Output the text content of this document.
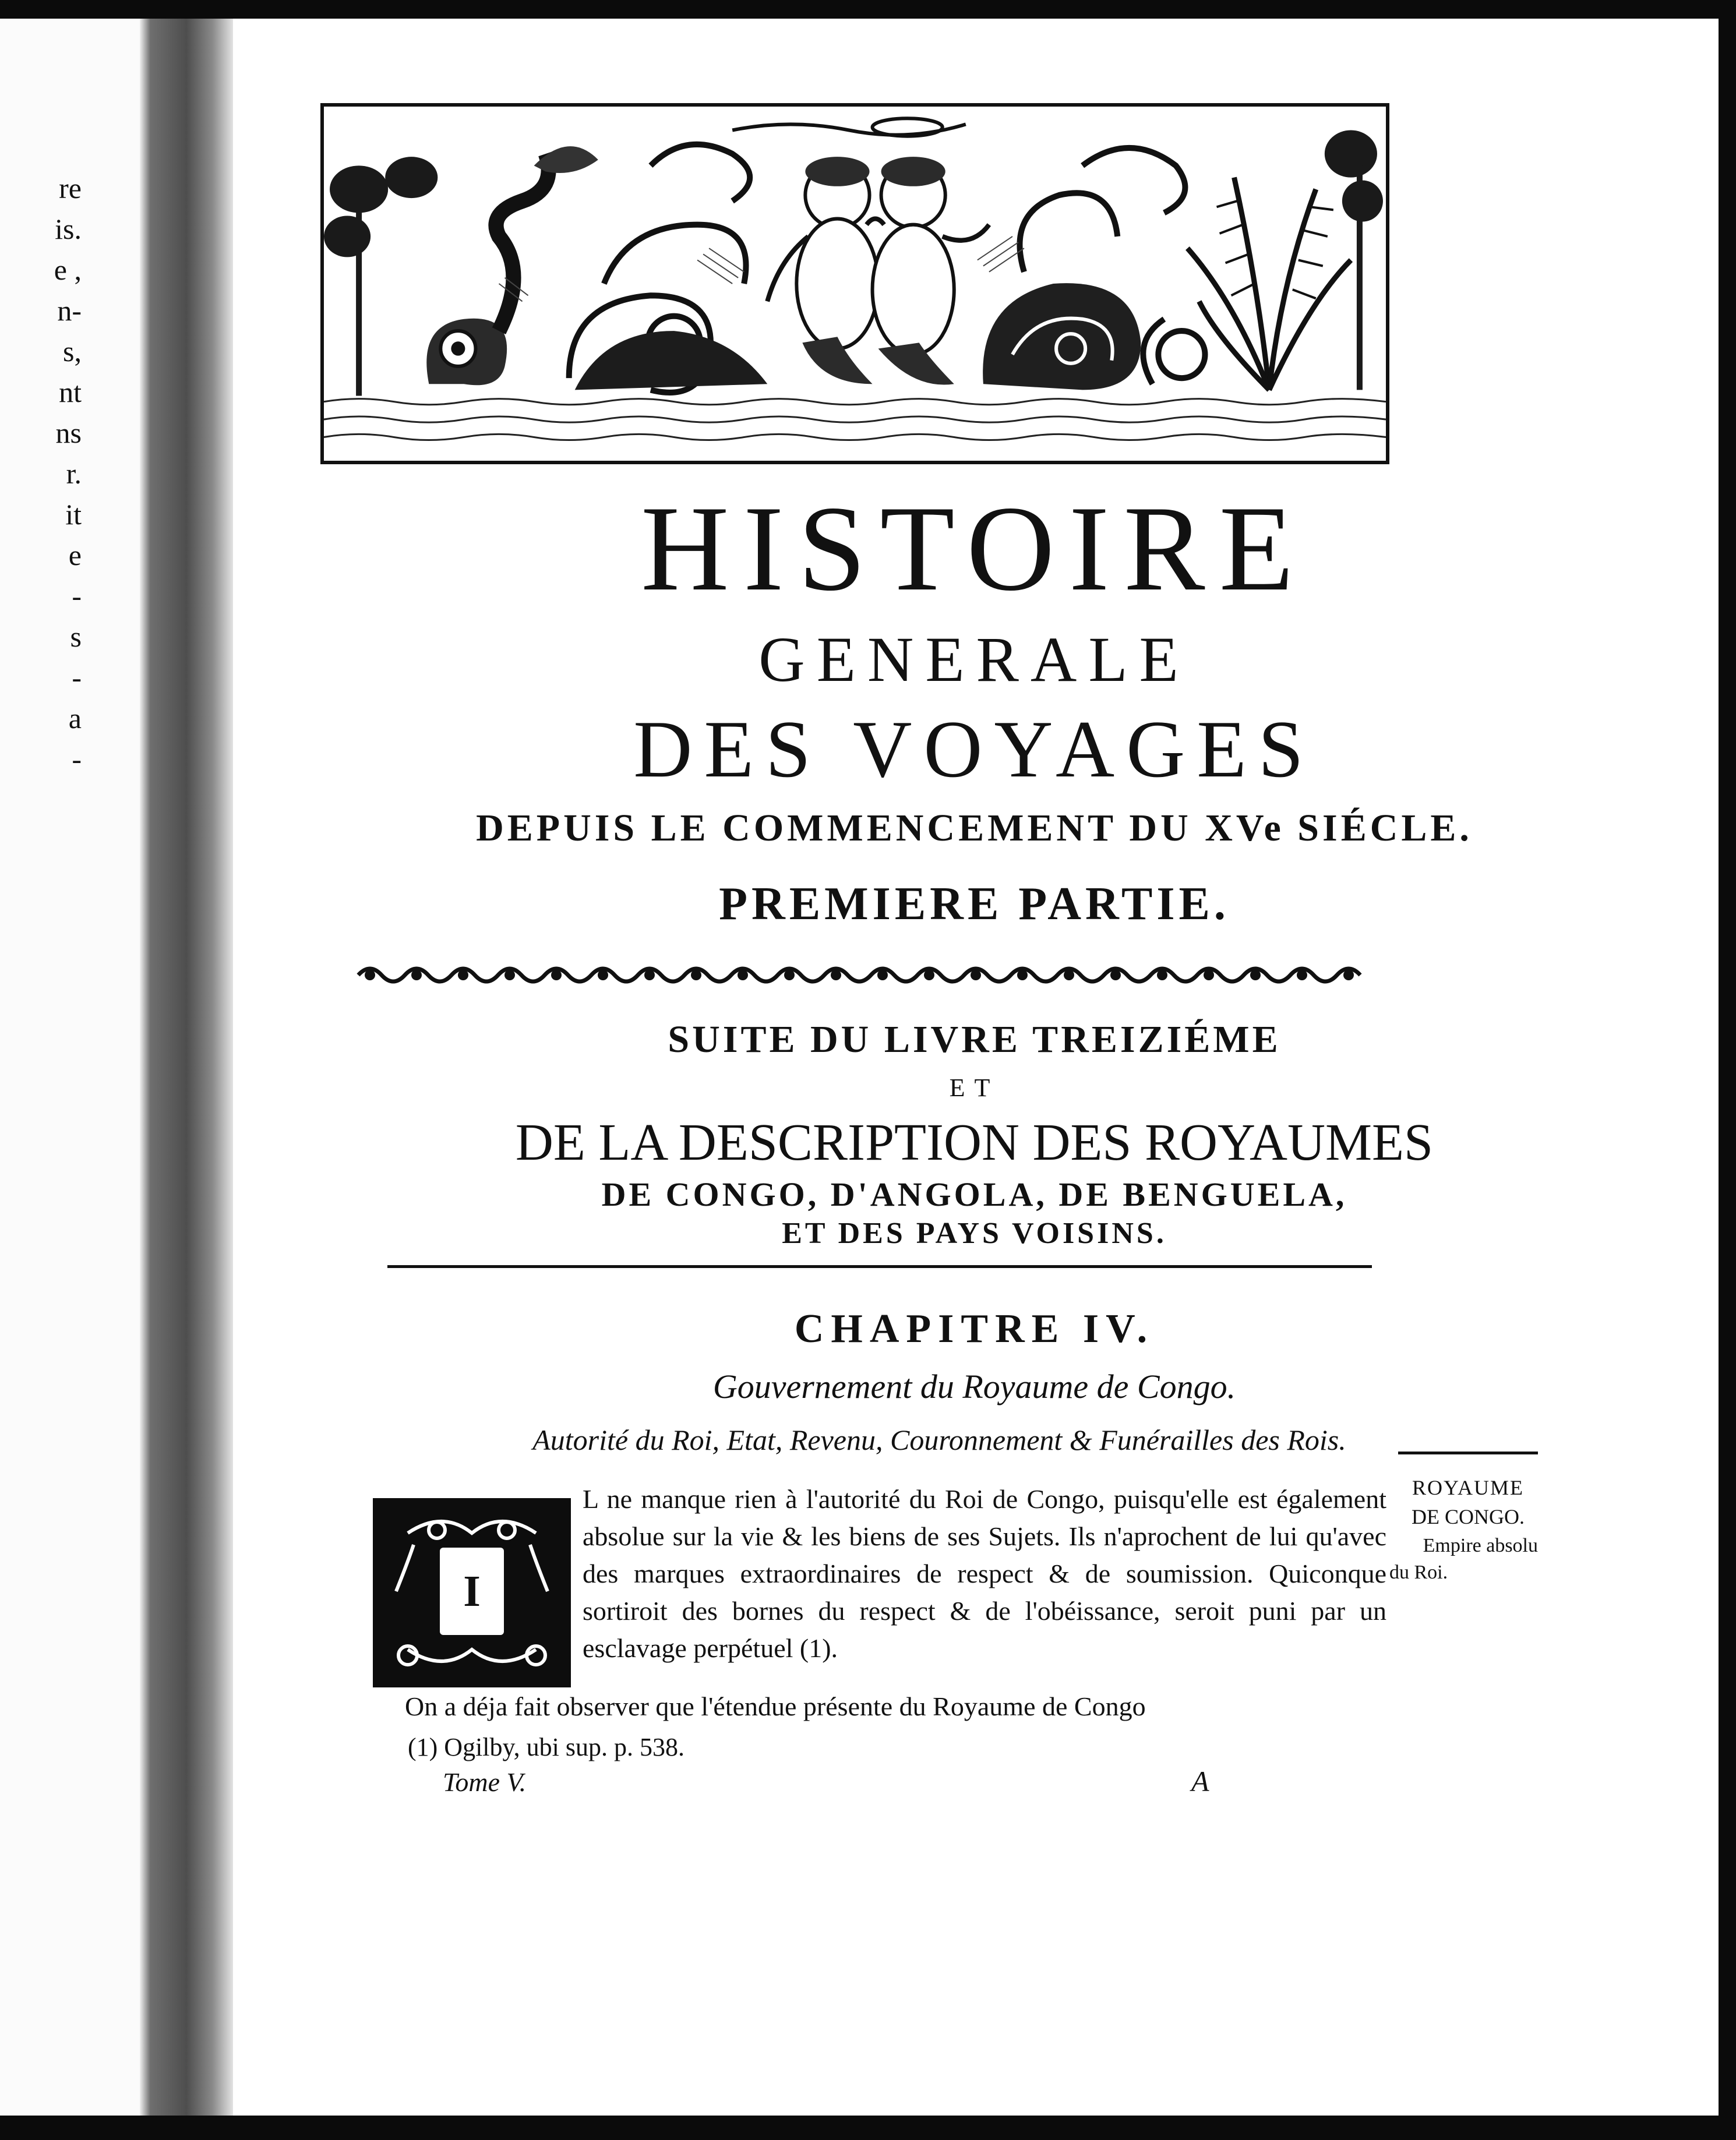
re
is.
e ,
n-
s,
nt
ns
r.
it
e
-
s
-
a
-
HISTOIRE
GENERALE
DES VOYAGES
DEPUIS LE COMMENCEMENT DU XVe SIÉCLE.
PREMIERE PARTIE.
SUITE DU LIVRE TREIZIÉME
ET
DE LA DESCRIPTION DES ROYAUMES
DE CONGO, D'ANGOLA, DE BENGUELA,
ET DES PAYS VOISINS.
CHAPITRE IV.
Gouvernement du Royaume de Congo.
Autorité du Roi, Etat, Revenu, Couronnement & Funérailles des Rois.
I

L ne manque rien à l'autorité du Roi de Congo, puisqu'elle est également absolue sur la vie & les biens de ses Sujets. Ils n'aprochent de lui qu'avec des marques extraordinaires de respect & de soumission. Quiconque sortiroit des bornes du respect & de l'obéissance, seroit puni par un esclavage perpétuel (1).

On a déja fait observer que l'étendue présente du Royaume de Congo

ROYAUME

DE CONGO.

Empire absolu

du Roi.

(1) Ogilby, ubi sup. p. 538.

Tome V.	A
